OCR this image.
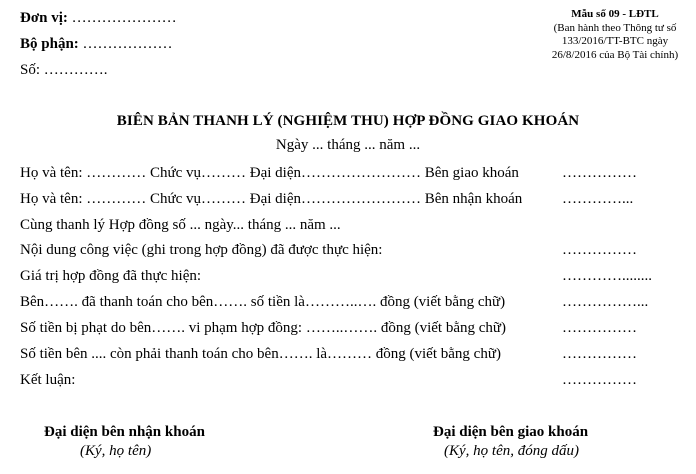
Đơn vị: …………………
Bộ phận: ………………
Số: ………….
Mẫu số 09 - LĐTL
(Ban hành theo Thông tư số
133/2016/TT-BTC ngày
26/8/2016 của Bộ Tài chính)
BIÊN BẢN THANH LÝ (NGHIỆM THU) HỢP ĐỒNG GIAO KHOÁN
Ngày ... tháng ... năm ...
Họ và tên: ………… Chức vụ……… Đại diện…………………… Bên giao khoán	……………
Họ và tên: ………… Chức vụ……… Đại diện…………………… Bên nhận khoán	…………...
Cùng thanh lý Hợp đồng số ... ngày... tháng ... năm ...
Nội dung công việc (ghi trong hợp đồng) đã được thực hiện:	……………
Giá trị hợp đồng đã thực hiện:	…………........
Bên……. đã thanh toán cho bên……. số tiền là………..…. đồng (viết bằng chữ)	……………...
Số tiền bị phạt do bên……. vi phạm hợp đồng: ……..……. đồng (viết bằng chữ)	……………
Số tiền bên .... còn phải thanh toán cho bên……. là……… đồng (viết bằng chữ)	……………
Kết luận:	……………
Đại diện bên nhận khoán
(Ký, họ tên)
Đại diện bên giao khoán
(Ký, họ tên, đóng dấu)
